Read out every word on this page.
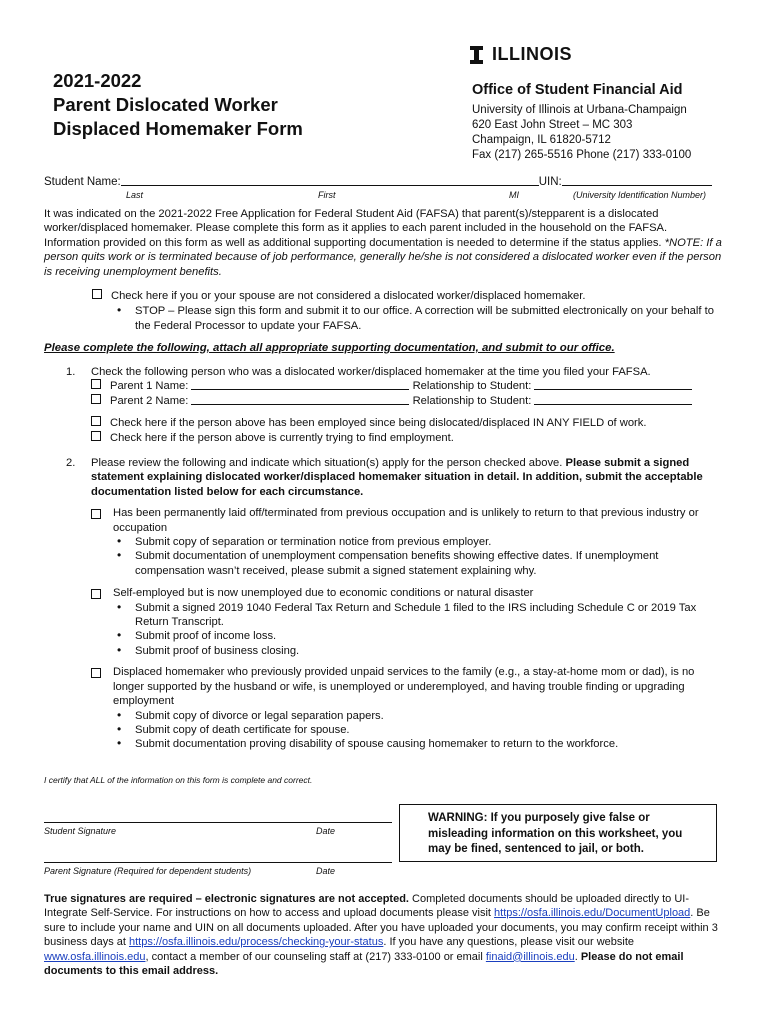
ILLINOIS
2021-2022
Parent Dislocated Worker
Displaced Homemaker Form
Office of Student Financial Aid
University of Illinois at Urbana-Champaign
620 East John Street – MC 303
Champaign, IL 61820-5712
Fax (217) 265-5516 Phone (217) 333-0100
Student Name:	UIN:
Last	First	MI	(University Identification Number)
It was indicated on the 2021-2022 Free Application for Federal Student Aid (FAFSA) that parent(s)/stepparent is a dislocated worker/displaced homemaker. Please complete this form as it applies to each parent included in the household on the FAFSA. Information provided on this form as well as additional supporting documentation is needed to determine if the status applies. *NOTE: If a person quits work or is terminated because of job performance, generally he/she is not considered a dislocated worker even if the person is receiving unemployment benefits.
Check here if you or your spouse are not considered a dislocated worker/displaced homemaker.
• STOP – Please sign this form and submit it to our office. A correction will be submitted electronically on your behalf to the Federal Processor to update your FAFSA.
Please complete the following, attach all appropriate supporting documentation, and submit to our office.
1. Check the following person who was a dislocated worker/displaced homemaker at the time you filed your FAFSA.
Parent 1 Name:	Relationship to Student:
Parent 2 Name:	Relationship to Student:
Check here if the person above has been employed since being dislocated/displaced IN ANY FIELD of work.
Check here if the person above is currently trying to find employment.
2. Please review the following and indicate which situation(s) apply for the person checked above. Please submit a signed statement explaining dislocated worker/displaced homemaker situation in detail. In addition, submit the acceptable documentation listed below for each circumstance.
Has been permanently laid off/terminated from previous occupation and is unlikely to return to that previous industry or occupation
• Submit copy of separation or termination notice from previous employer.
• Submit documentation of unemployment compensation benefits showing effective dates. If unemployment compensation wasn’t received, please submit a signed statement explaining why.
Self-employed but is now unemployed due to economic conditions or natural disaster
• Submit a signed 2019 1040 Federal Tax Return and Schedule 1 filed to the IRS including Schedule C or 2019 Tax Return Transcript.
• Submit proof of income loss.
• Submit proof of business closing.
Displaced homemaker who previously provided unpaid services to the family (e.g., a stay-at-home mom or dad), is no longer supported by the husband or wife, is unemployed or underemployed, and having trouble finding or upgrading employment
• Submit copy of divorce or legal separation papers.
• Submit copy of death certificate for spouse.
• Submit documentation proving disability of spouse causing homemaker to return to the workforce.
I certify that ALL of the information on this form is complete and correct.
Student Signature	Date
Parent Signature (Required for dependent students)	Date
WARNING: If you purposely give false or misleading information on this worksheet, you may be fined, sentenced to jail, or both.
True signatures are required – electronic signatures are not accepted. Completed documents should be uploaded directly to UI-Integrate Self-Service. For instructions on how to access and upload documents please visit https://osfa.illinois.edu/DocumentUpload. Be sure to include your name and UIN on all documents uploaded. After you have uploaded your documents, you may confirm receipt within 3 business days at https://osfa.illinois.edu/process/checking-your-status. If you have any questions, please visit our website www.osfa.illinois.edu, contact a member of our counseling staff at (217) 333-0100 or email finaid@illinois.edu. Please do not email documents to this email address.
